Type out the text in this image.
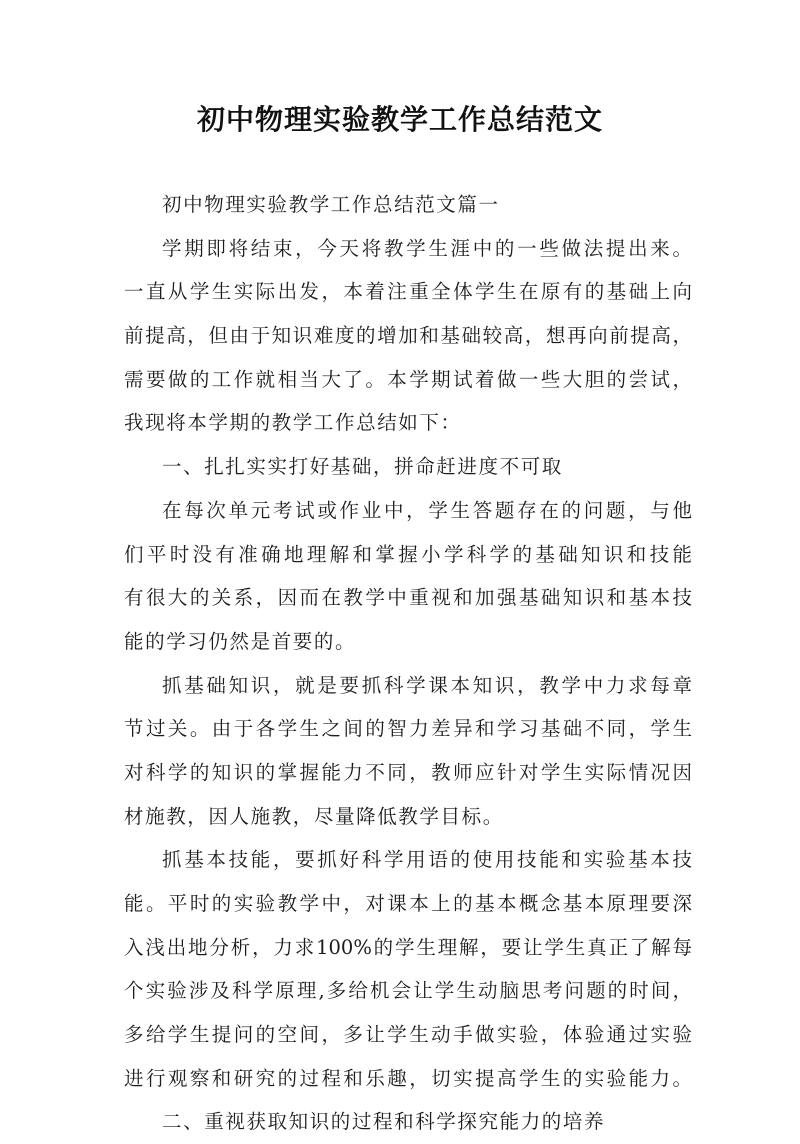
初中物理实验教学工作总结范文
初中物理实验教学工作总结范文篇一
学期即将结束，今天将教学生涯中的一些做法提出来。
一直从学生实际出发，本着注重全体学生在原有的基础上向
前提高，但由于知识难度的增加和基础较高，想再向前提高，
需要做的工作就相当大了。本学期试着做一些大胆的尝试，
我现将本学期的教学工作总结如下：
一、扎扎实实打好基础，拼命赶进度不可取
在每次单元考试或作业中，学生答题存在的问题，与他
们平时没有准确地理解和掌握小学科学的基础知识和技能
有很大的关系，因而在教学中重视和加强基础知识和基本技
能的学习仍然是首要的。
抓基础知识，就是要抓科学课本知识，教学中力求每章
节过关。由于各学生之间的智力差异和学习基础不同，学生
对科学的知识的掌握能力不同，教师应针对学生实际情况因
材施教，因人施教，尽量降低教学目标。
抓基本技能，要抓好科学用语的使用技能和实验基本技
能。平时的实验教学中，对课本上的基本概念基本原理要深
入浅出地分析，力求100%的学生理解，要让学生真正了解每
个实验涉及科学原理,多给机会让学生动脑思考问题的时间，
多给学生提问的空间，多让学生动手做实验，体验通过实验
进行观察和研究的过程和乐趣，切实提高学生的实验能力。
二、重视获取知识的过程和科学探究能力的培养
